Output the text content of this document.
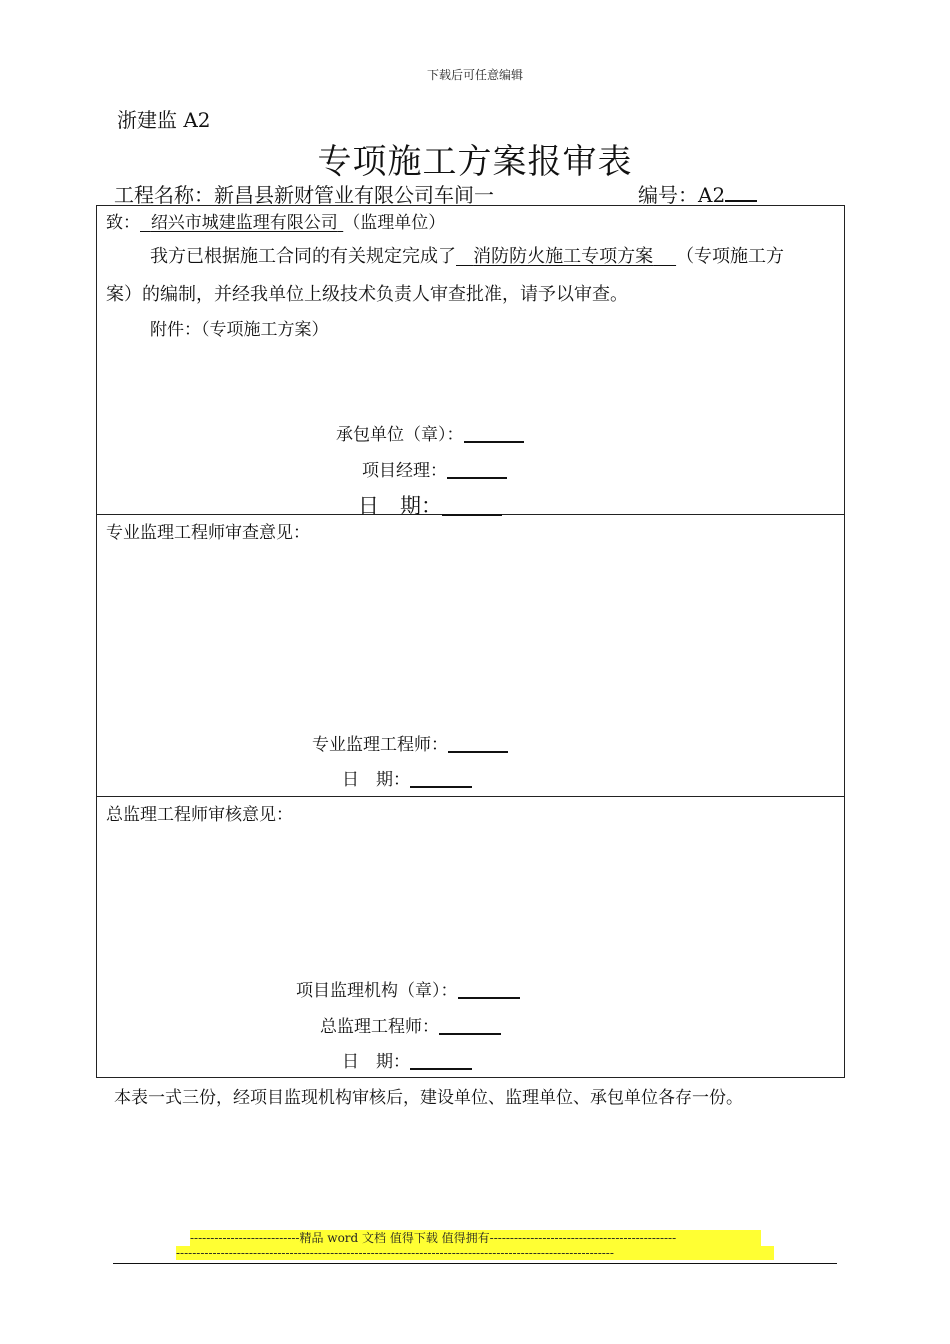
下载后可任意编辑
浙建监 A2
专项施工方案报审表
工程名称：新昌县新财管业有限公司车间一	编号：A2
致： 绍兴市城建监理有限公司 （监理单位）
我方已根据施工合同的有关规定完成了 消防防火施工专项方案 （专项施工方
案）的编制，并经我单位上级技术负责人审查批准，请予以审查。
附件：（专项施工方案）
承包单位（章）：
项目经理：
日　期：
专业监理工程师审查意见：
专业监理工程师：
日　期：
总监理工程师审核意见：
项目监理机构（章）：
总监理工程师：
日　期：
本表一式三份，经项目监现机构审核后，建设单位、监理单位、承包单位各存一份。
---------------------------精品 word 文档 值得下载 值得拥有----------------------------------------------
------------------------------------------------------------------------------------------------------------
